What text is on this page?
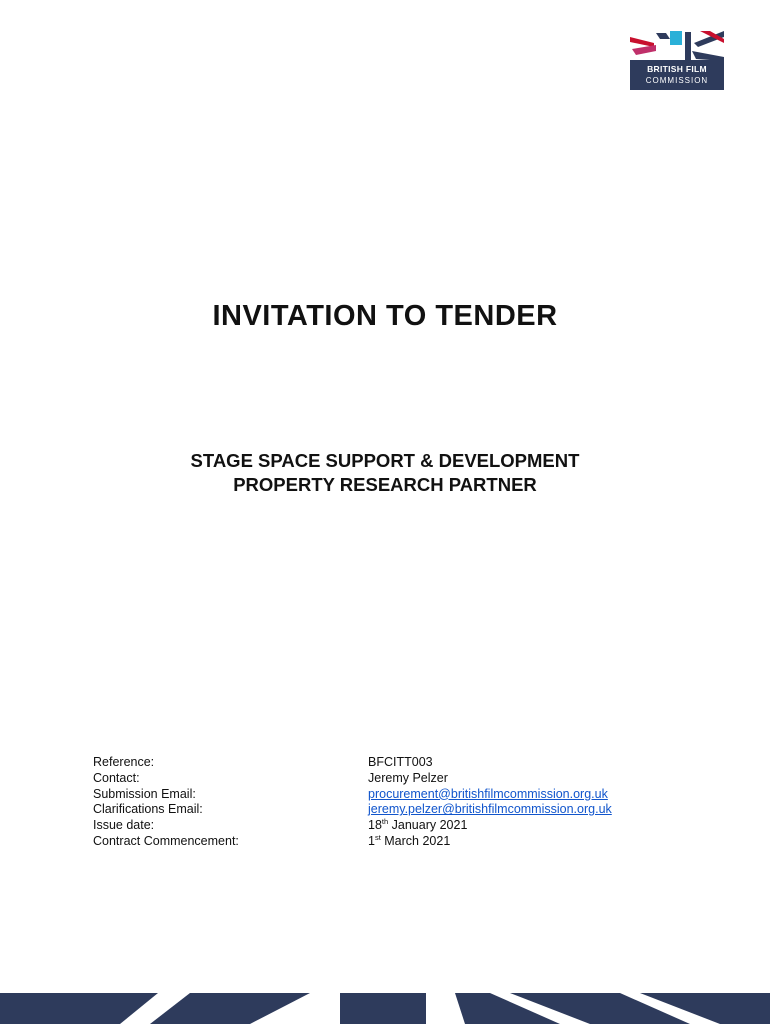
BRITISH FILM
COMMISSION
INVITATION TO TENDER
STAGE SPACE SUPPORT & DEVELOPMENT
PROPERTY RESEARCH PARTNER
Reference:	BFCITT003
Contact:	Jeremy Pelzer
Submission Email:	procurement@britishfilmcommission.org.uk
Clarifications Email:	jeremy.pelzer@britishfilmcommission.org.uk
Issue date:	18th January 2021
Contract Commencement:	1st March 2021
